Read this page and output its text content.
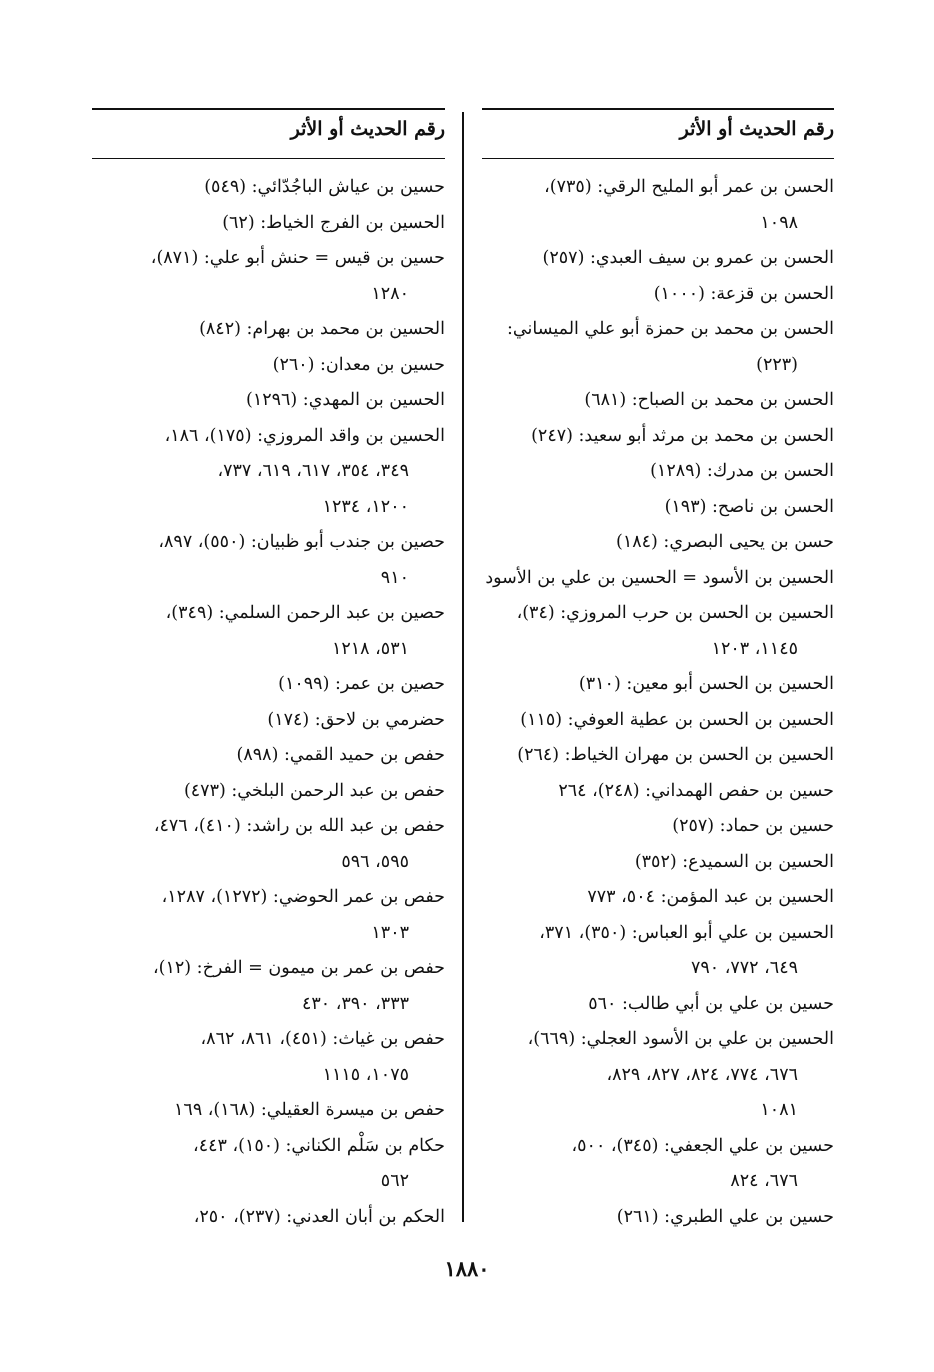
رقم الحديث أو الأثر
الحسن بن عمر أبو المليح الرقي: (٧٣٥)،
١٠٩٨
الحسن بن عمرو بن سيف العبدي: (٢٥٧)
الحسن بن قزعة: (١٠٠٠)
الحسن بن محمد بن حمزة أبو علي الميساني:
(٢٢٣)
الحسن بن محمد بن الصباح: (٦٨١)
الحسن بن محمد بن مرثد أبو سعيد: (٢٤٧)
الحسن بن مدرك: (١٢٨٩)
الحسن بن ناصح: (١٩٣)
حسن بن يحيى البصري: (١٨٤)
الحسين بن الأسود = الحسين بن علي بن الأسود
الحسين بن الحسن بن حرب المروزي: (٣٤)،
١١٤٥، ١٢٠٣
الحسين بن الحسن أبو معين: (٣١٠)
الحسين بن الحسن بن عطية العوفي: (١١٥)
الحسين بن الحسن بن مهران الخياط: (٢٦٤)
حسين بن حفص الهمداني: (٢٤٨)، ٢٦٤
حسين بن حماد: (٢٥٧)
الحسين بن السميدع: (٣٥٢)
الحسين بن عبد المؤمن: ٥٠٤، ٧٧٣
الحسين بن علي أبو العباس: (٣٥٠)، ٣٧١،
٦٤٩، ٧٧٢، ٧٩٠
حسين بن علي بن أبي طالب: ٥٦٠
الحسين بن علي بن الأسود العجلي: (٦٦٩)،
٦٧٦، ٧٧٤، ٨٢٤، ٨٢٧، ٨٢٩،
١٠٨١
حسين بن علي الجعفي: (٣٤٥)، ٥٠٠،
٦٧٦، ٨٢٤
حسين بن علي الطبري: (٢٦١)
رقم الحديث أو الأثر
حسين بن عياش الباجُدّائي: (٥٤٩)
الحسين بن الفرج الخياط: (٦٢)
حسين بن قيس = حنش أبو علي: (٨٧١)،
١٢٨٠
الحسين بن محمد بن بهرام: (٨٤٢)
حسين بن معدان: (٢٦٠)
الحسين بن المهدي: (١٢٩٦)
الحسين بن واقد المروزي: (١٧٥)، ١٨٦،
٣٤٩، ٣٥٤، ٦١٧، ٦١٩، ٧٣٧،
١٢٠٠، ١٢٣٤
حصين بن جندب أبو ظبيان: (٥٥٠)، ٨٩٧،
٩١٠
حصين بن عبد الرحمن السلمي: (٣٤٩)،
٥٣١، ١٢١٨
حصين بن عمر: (١٠٩٩)
حضرمي بن لاحق: (١٧٤)
حفص بن حميد القمي: (٨٩٨)
حفص بن عبد الرحمن البلخي: (٤٧٣)
حفص بن عبد الله بن راشد: (٤١٠)، ٤٧٦،
٥٩٥، ٥٩٦
حفص بن عمر الحوضي: (١٢٧٢)، ١٢٨٧،
١٣٠٣
حفص بن عمر بن ميمون = الفرخ: (١٢)،
٣٣٣، ٣٩٠، ٤٣٠
حفص بن غياث: (٤٥١)، ٨٦١، ٨٦٢،
١٠٧٥، ١١١٥
حفص بن ميسرة العقيلي: (١٦٨)، ١٦٩
حكام بن سَلْم الكناني: (١٥٠)، ٤٤٣،
٥٦٢
الحكم بن أبان العدني: (٢٣٧)، ٢٥٠،
١٨٨٠
